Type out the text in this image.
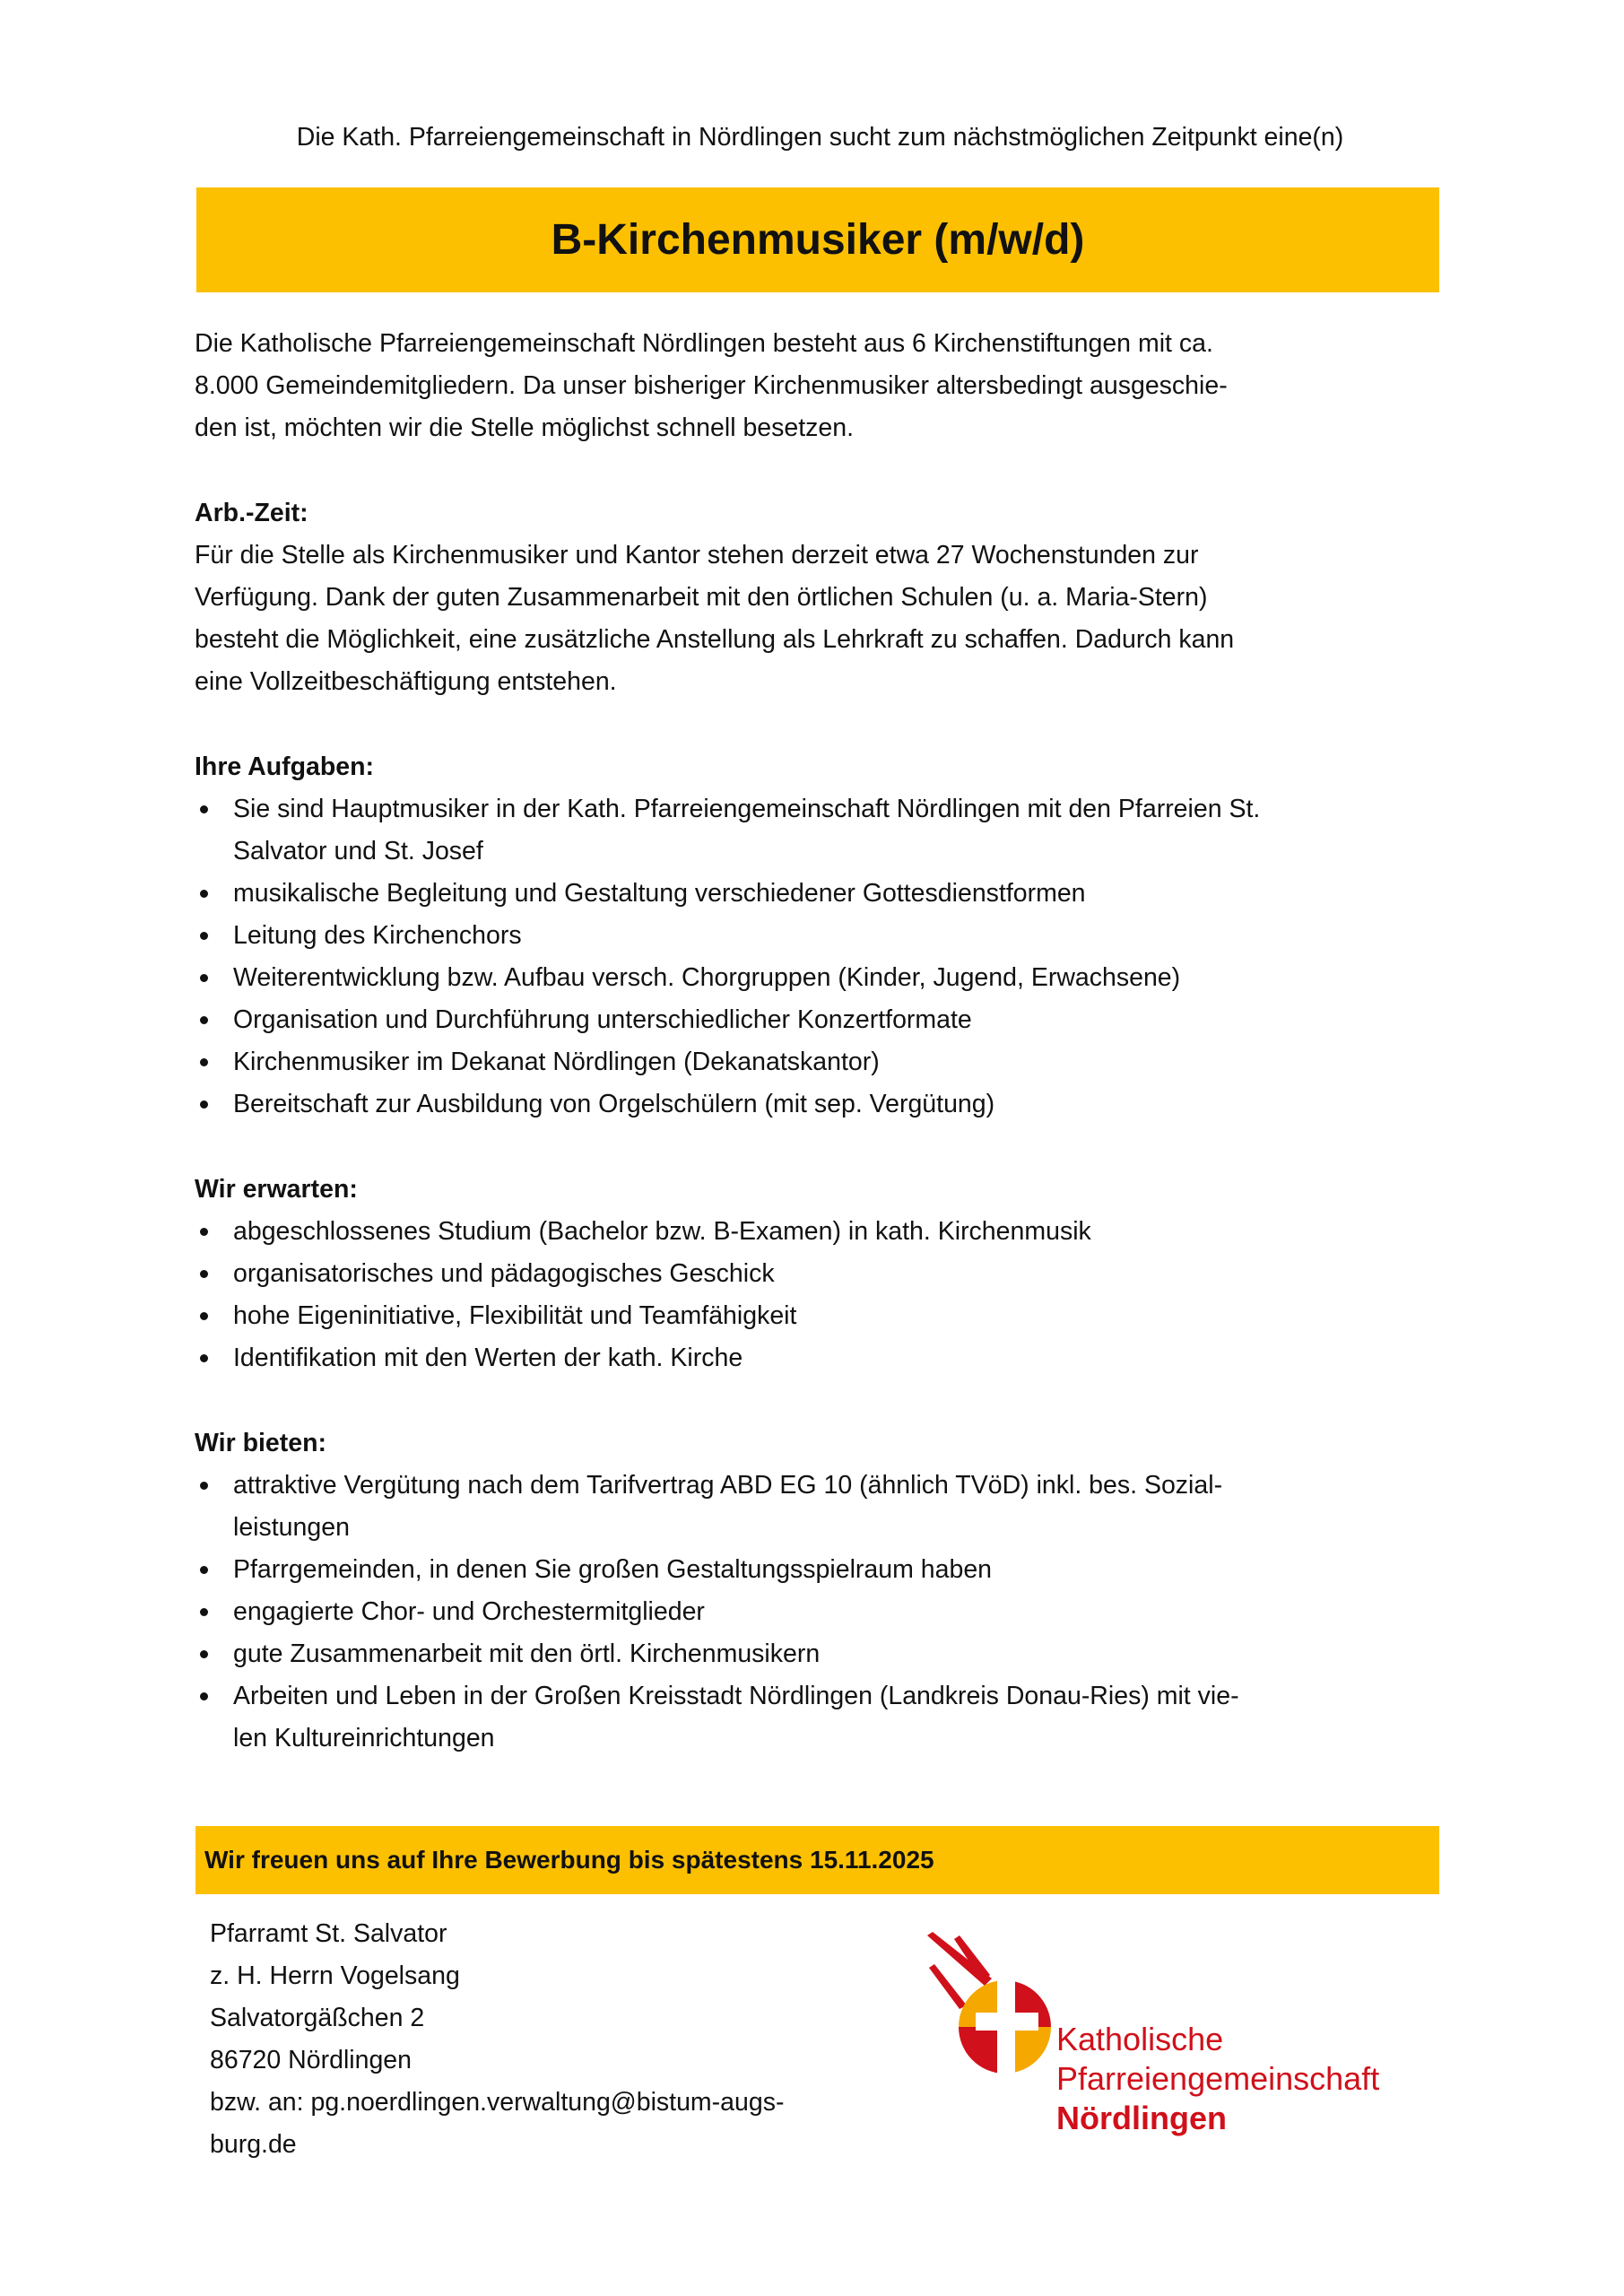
Die Kath. Pfarreiengemeinschaft in Nördlingen sucht zum nächstmöglichen Zeitpunkt eine(n)
B-Kirchenmusiker (m/w/d)
Die Katholische Pfarreiengemeinschaft Nördlingen besteht aus 6 Kirchenstiftungen mit ca.
8.000 Gemeindemitgliedern. Da unser bisheriger Kirchenmusiker altersbedingt ausgeschie-
den ist, möchten wir die Stelle möglichst schnell besetzen.
Arb.-Zeit:
Für die Stelle als Kirchenmusiker und Kantor stehen derzeit etwa 27 Wochenstunden zur
Verfügung. Dank der guten Zusammenarbeit mit den örtlichen Schulen (u. a. Maria-Stern)
besteht die Möglichkeit, eine zusätzliche Anstellung als Lehrkraft zu schaffen. Dadurch kann
eine Vollzeitbeschäftigung entstehen.
Ihre Aufgaben:
Sie sind Hauptmusiker in der Kath. Pfarreiengemeinschaft Nördlingen mit den Pfarreien St.
Salvator und St. Josef
musikalische Begleitung und Gestaltung verschiedener Gottesdienstformen
Leitung des Kirchenchors
Weiterentwicklung bzw. Aufbau versch. Chorgruppen (Kinder, Jugend, Erwachsene)
Organisation und Durchführung unterschiedlicher Konzertformate
Kirchenmusiker im Dekanat Nördlingen (Dekanatskantor)
Bereitschaft zur Ausbildung von Orgelschülern (mit sep. Vergütung)
Wir erwarten:
abgeschlossenes Studium (Bachelor bzw. B-Examen) in kath. Kirchenmusik
organisatorisches und pädagogisches Geschick
hohe Eigeninitiative, Flexibilität und Teamfähigkeit
Identifikation mit den Werten der kath. Kirche
Wir bieten:
attraktive Vergütung nach dem Tarifvertrag ABD EG 10 (ähnlich TVöD) inkl. bes. Sozial-
leistungen
Pfarrgemeinden, in denen Sie großen Gestaltungsspielraum haben
engagierte Chor- und Orchestermitglieder
gute Zusammenarbeit mit den örtl. Kirchenmusikern
Arbeiten und Leben in der Großen Kreisstadt Nördlingen (Landkreis Donau-Ries) mit vie-
len Kultureinrichtungen
Wir freuen uns auf Ihre Bewerbung bis spätestens 15.11.2025
Pfarramt St. Salvator
z. H. Herrn Vogelsang
Salvatorgäßchen 2
86720 Nördlingen
bzw. an: pg.noerdlingen.verwaltung@bistum-augs-
burg.de
Katholische
Pfarreiengemeinschaft
Nördlingen
